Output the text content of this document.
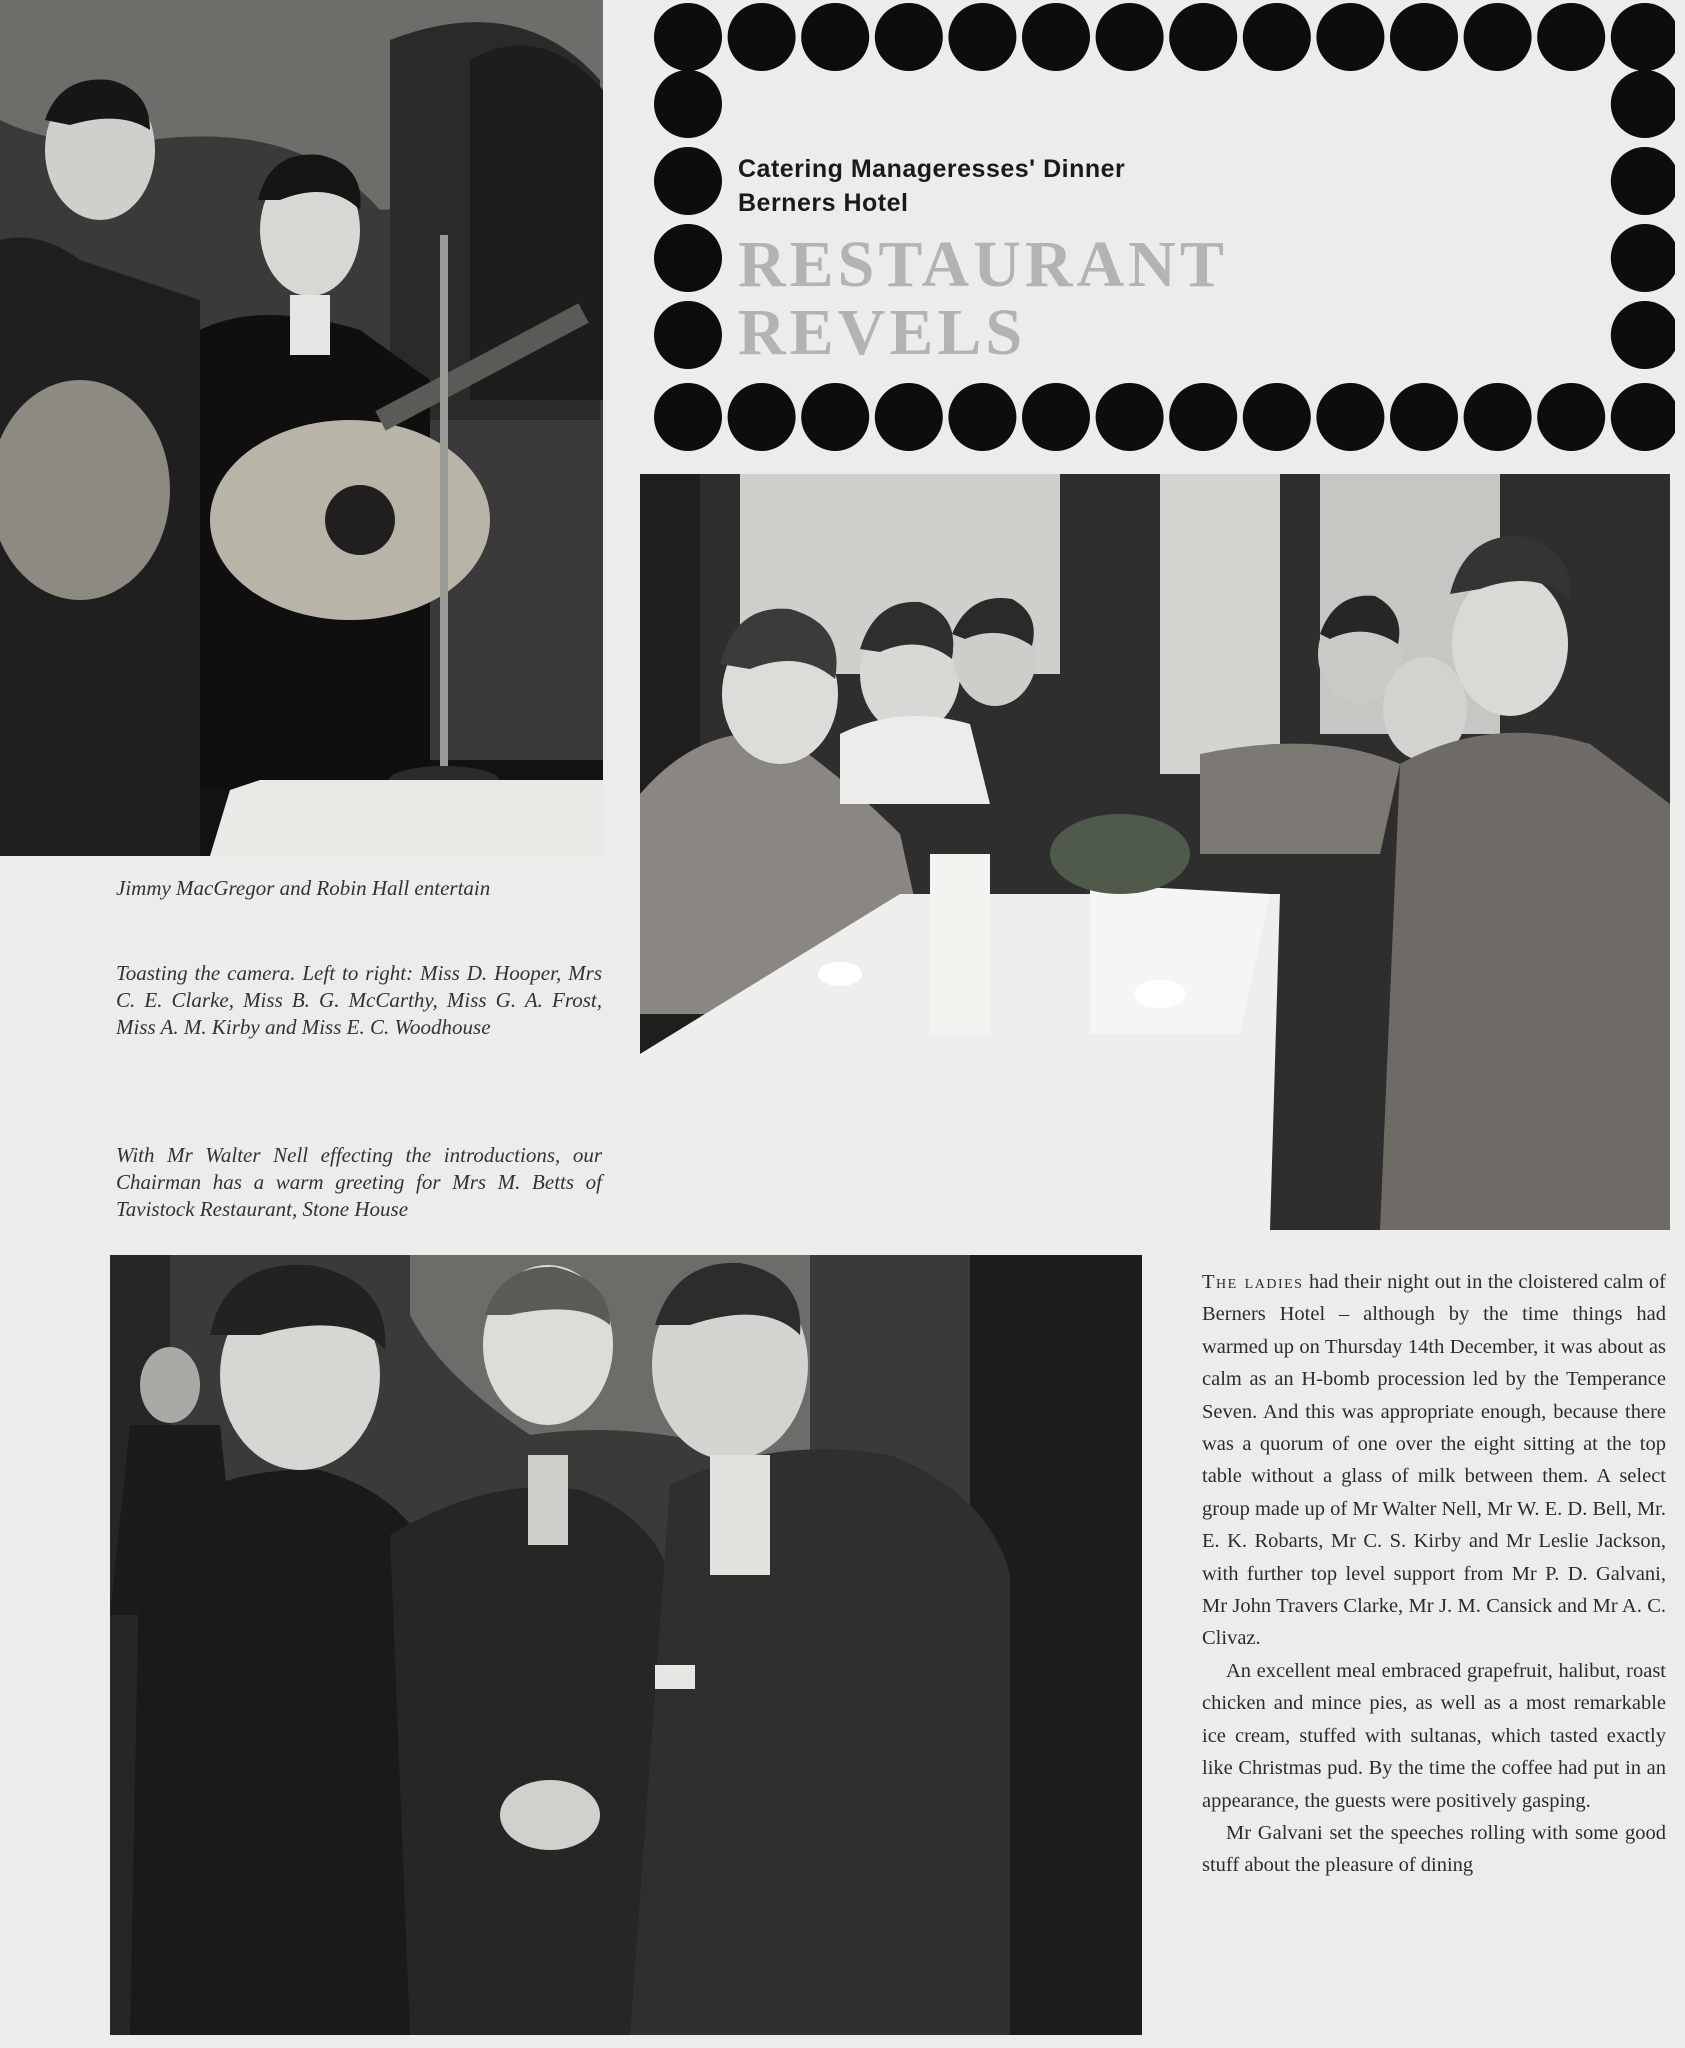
Jimmy MacGregor and Robin Hall entertain
Toasting the camera. Left to right: Miss D. Hooper, Mrs C. E. Clarke, Miss B. G. McCarthy, Miss G. A. Frost, Miss A. M. Kirby and Miss E. C. Woodhouse
With Mr Walter Nell effecting the introductions, our Chairman has a warm greeting for Mrs M. Betts of Tavistock Restaurant, Stone House
Catering Manageresses' Dinner
Berners Hotel
RESTAURANT
REVELS

The ladies had their night out in the cloistered calm of Berners Hotel – although by the time things had warmed up on Thursday 14th December, it was about as calm as an H-bomb procession led by the Temperance Seven. And this was appropriate enough, because there was a quorum of one over the eight sitting at the top table without a glass of milk between them. A select group made up of Mr Walter Nell, Mr W. E. D. Bell, Mr. E. K. Robarts, Mr C. S. Kirby and Mr Leslie Jackson, with further top level support from Mr P. D. Galvani, Mr John Travers Clarke, Mr J. M. Cansick and Mr A. C. Clivaz.

An excellent meal embraced grapefruit, halibut, roast chicken and mince pies, as well as a most remarkable ice cream, stuffed with sultanas, which tasted exactly like Christmas pud. By the time the coffee had put in an appearance, the guests were positively gasping.

Mr Galvani set the speeches rolling with some good stuff about the pleasure of dining
